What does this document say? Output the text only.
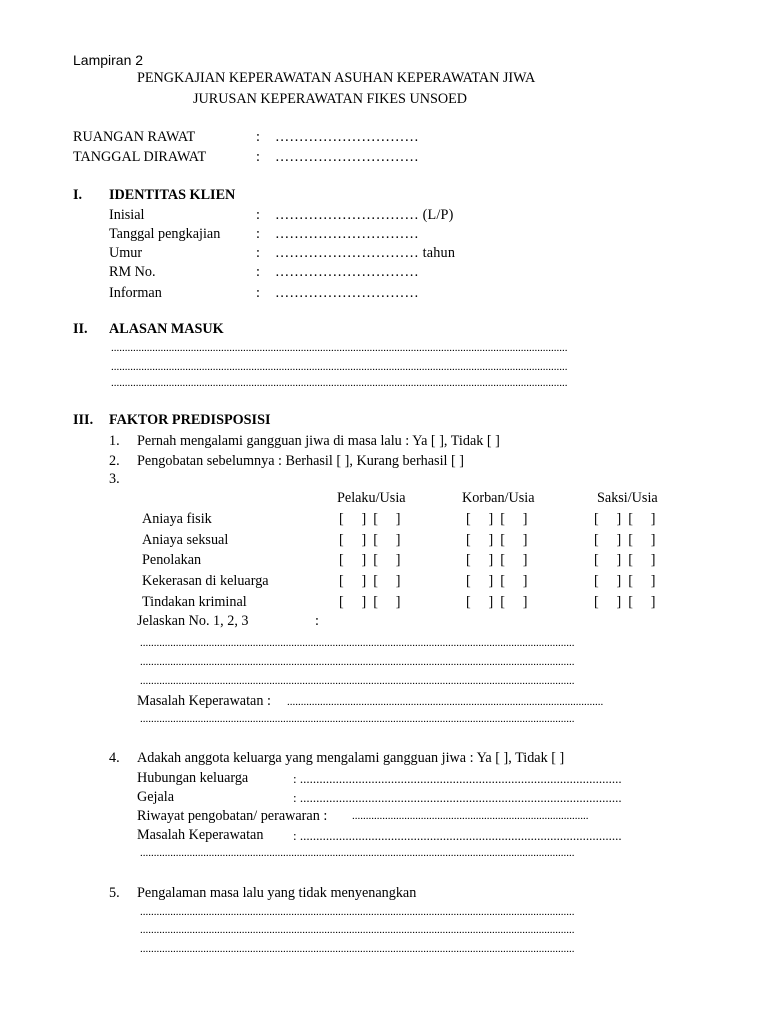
Lampiran 2
PENGKAJIAN KEPERAWATAN ASUHAN KEPERAWATAN JIWA
JURUSAN KEPERAWATAN FIKES UNSOED
RUANGAN RAWAT	: …………………………
TANGGAL DIRAWAT	: …………………………
I. IDENTITAS KLIEN
Inisial	: ………………………… (L/P)
Tanggal pengkajian	: …………………………
Umur	: ………………………… tahun
RM No.	: …………………………
Informan	: …………………………
II. ALASAN MASUK
......................................................................................................................................................................
......................................................................................................................................................................
......................................................................................................................................................................
III. FAKTOR PREDISPOSISI
1. Pernah mengalami gangguan jiwa di masa lalu : Ya [ ], Tidak [ ]
2. Pengobatan sebelumnya : Berhasil [ ], Kurang berhasil [ ]
3.
Pelaku/Usia	Korban/Usia	Saksi/Usia
Aniaya fisik	[     ]  [     ]	[     ]  [     ]	[     ]  [     ]
Aniaya seksual	[     ]  [     ]	[     ]  [     ]	[     ]  [     ]
Penolakan	[     ]  [     ]	[     ]  [     ]	[     ]  [     ]
Kekerasan di keluarga	[     ]  [     ]	[     ]  [     ]	[     ]  [     ]
Tindakan kriminal	[     ]  [     ]	[     ]  [     ]	[     ]  [     ]
Jelaskan No. 1, 2, 3	:
..............................................................................................................................................................
..............................................................................................................................................................
..............................................................................................................................................................
Masalah Keperawatan : ...................................................................................................................
..............................................................................................................................................................
4. Adakah anggota keluarga yang mengalami gangguan jiwa : Ya [ ], Tidak [ ]
Hubungan keluarga	: ...................................................................................................
Gejala	: ...................................................................................................
Riwayat pengobatan/ perawaran : ......................................................................................
Masalah Keperawatan : ...................................................................................................
..............................................................................................................................................................
5. Pengalaman masa lalu yang tidak menyenangkan
..............................................................................................................................................................
..............................................................................................................................................................
..............................................................................................................................................................
